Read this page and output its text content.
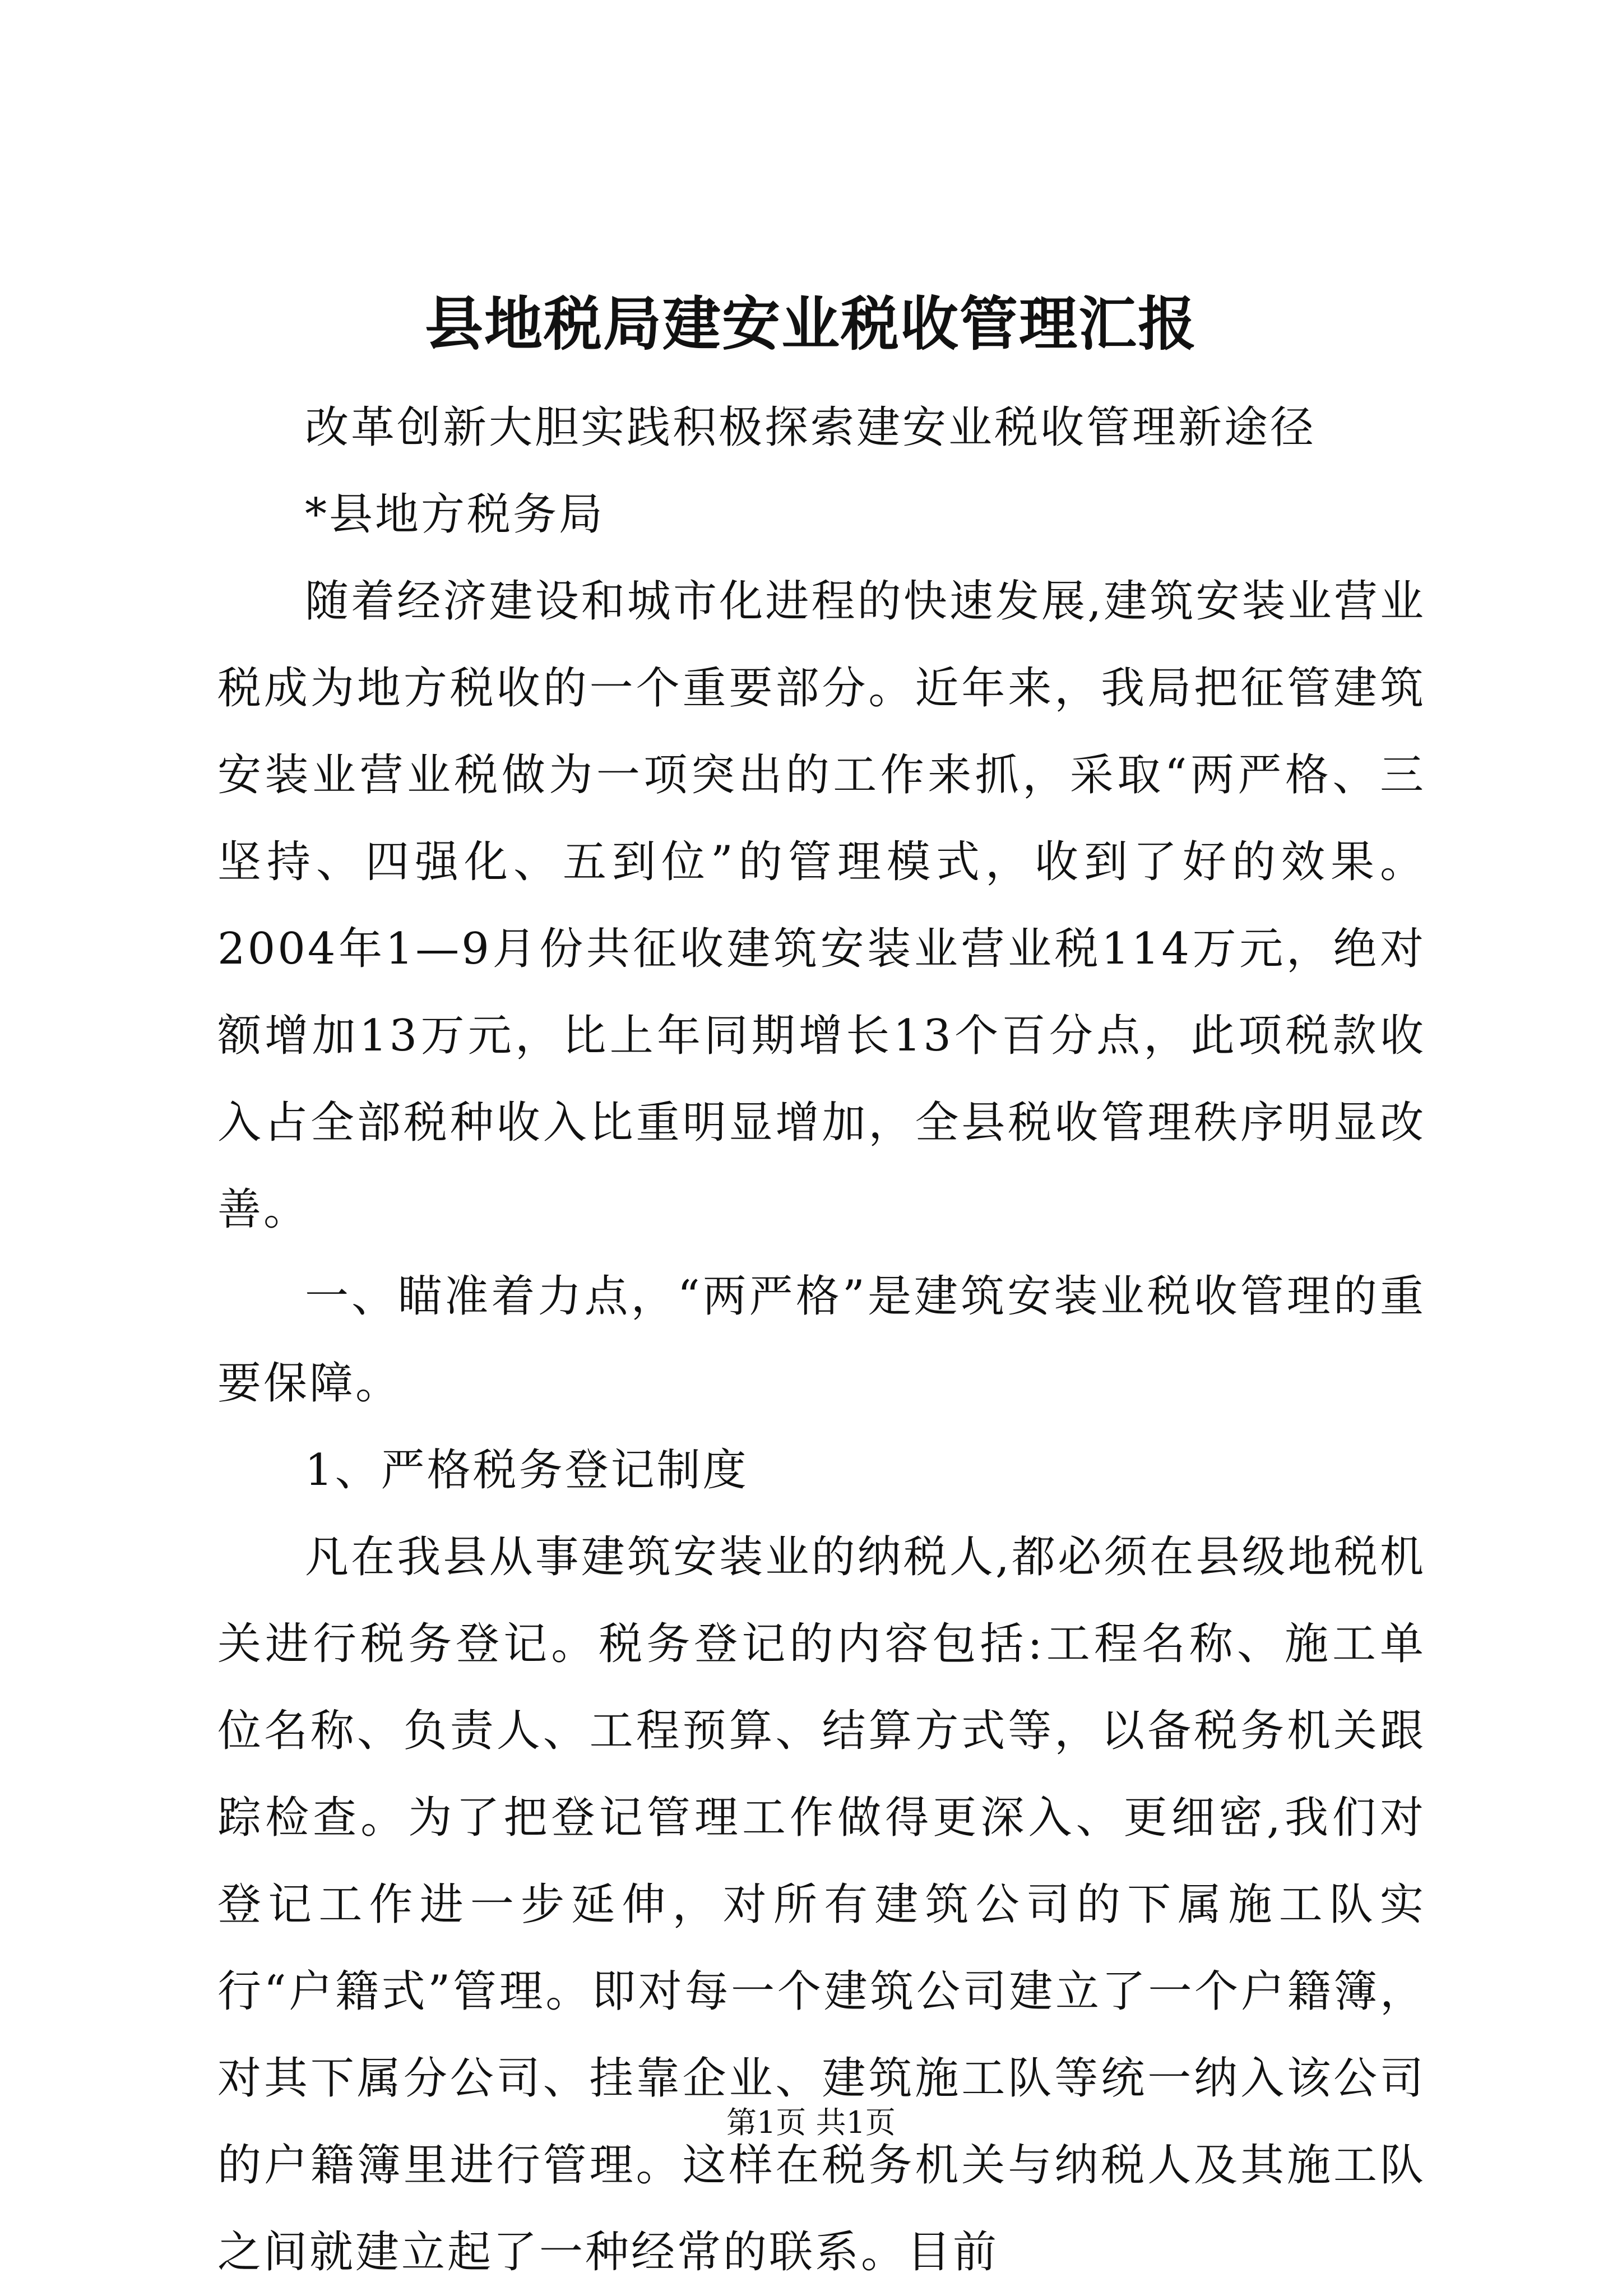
县地税局建安业税收管理汇报

改革创新大胆实践积极探索建安业税收管理新途径

*县地方税务局

随着经济建设和城市化进程的快速发展,建筑安装业营业税成为地方税收的一个重要部分。近年来，我局把征管建筑安装业营业税做为一项突出的工作来抓，采取“两严格、三坚持、四强化、五到位”的管理模式，收到了好的效果。2004年1—9月份共征收建筑安装业营业税114万元，绝对额增加13万元，比上年同期增长13个百分点，此项税款收入占全部税种收入比重明显增加，全县税收管理秩序明显改善。

一、瞄准着力点，“两严格”是建筑安装业税收管理的重要保障。

1、严格税务登记制度

凡在我县从事建筑安装业的纳税人,都必须在县级地税机关进行税务登记。税务登记的内容包括:工程名称、施工单位名称、负责人、工程预算、结算方式等，以备税务机关跟踪检查。为了把登记管理工作做得更深入、更细密,我们对登记工作进一步延伸，对所有建筑公司的下属施工队实行“户籍式”管理。即对每一个建筑公司建立了一个户籍簿，对其下属分公司、挂靠企业、建筑施工队等统一纳入该公司的户籍簿里进行管理。这样在税务机关与纳税人及其施工队之间就建立起了一种经常的联系。目前

第1页 共1页
